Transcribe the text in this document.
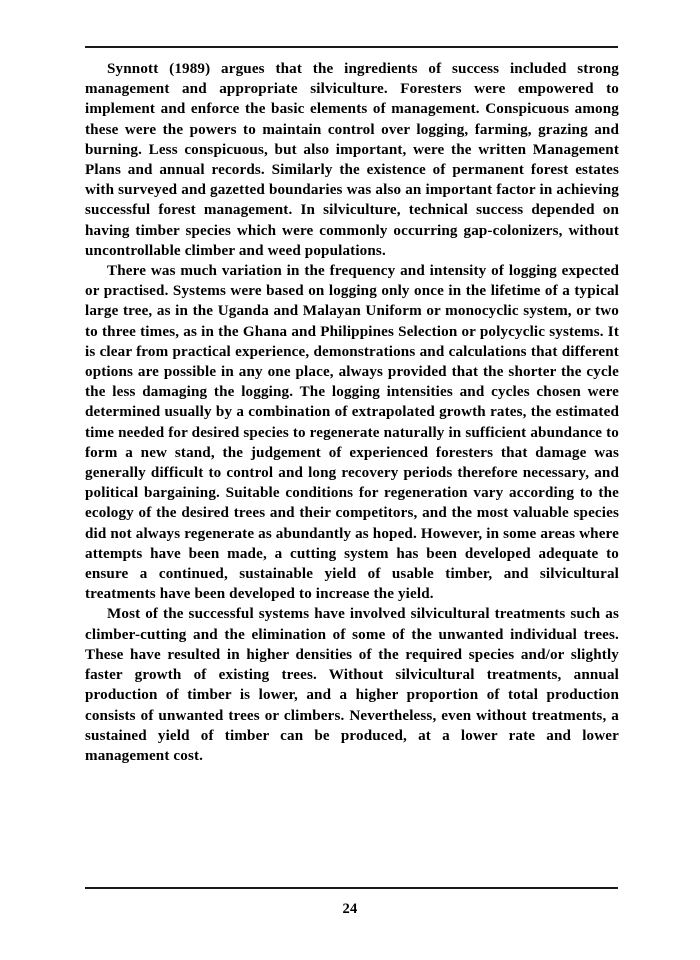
Synnott (1989) argues that the ingredients of success included strong management and appropriate silviculture. Foresters were empowered to implement and enforce the basic elements of management. Conspicuous among these were the powers to maintain control over logging, farming, grazing and burning. Less conspicuous, but also important, were the written Management Plans and annual records. Similarly the existence of permanent forest estates with surveyed and gazetted boundaries was also an important factor in achieving successful forest management. In silviculture, technical success depended on having timber species which were commonly occurring gap-colonizers, without uncontrollable climber and weed populations.

There was much variation in the frequency and intensity of logging expected or practised. Systems were based on logging only once in the lifetime of a typical large tree, as in the Uganda and Malayan Uniform or monocyclic system, or two to three times, as in the Ghana and Philippines Selection or polycyclic systems. It is clear from practical experience, demonstrations and calculations that different options are possible in any one place, always provided that the shorter the cycle the less damaging the logging. The logging intensities and cycles chosen were determined usually by a combination of extrapolated growth rates, the estimated time needed for desired species to regenerate naturally in sufficient abundance to form a new stand, the judgement of experienced foresters that damage was generally difficult to control and long recovery periods therefore necessary, and political bargaining. Suitable conditions for regeneration vary according to the ecology of the desired trees and their competitors, and the most valuable species did not always regenerate as abundantly as hoped. However, in some areas where attempts have been made, a cutting system has been developed adequate to ensure a continued, sustainable yield of usable timber, and silvicultural treatments have been developed to increase the yield.

Most of the successful systems have involved silvicultural treatments such as climber-cutting and the elimination of some of the unwanted individual trees. These have resulted in higher densities of the required species and/or slightly faster growth of existing trees. Without silvicultural treatments, annual production of timber is lower, and a higher proportion of total production consists of unwanted trees or climbers. Nevertheless, even without treatments, a sustained yield of timber can be produced, at a lower rate and lower management cost.

24
